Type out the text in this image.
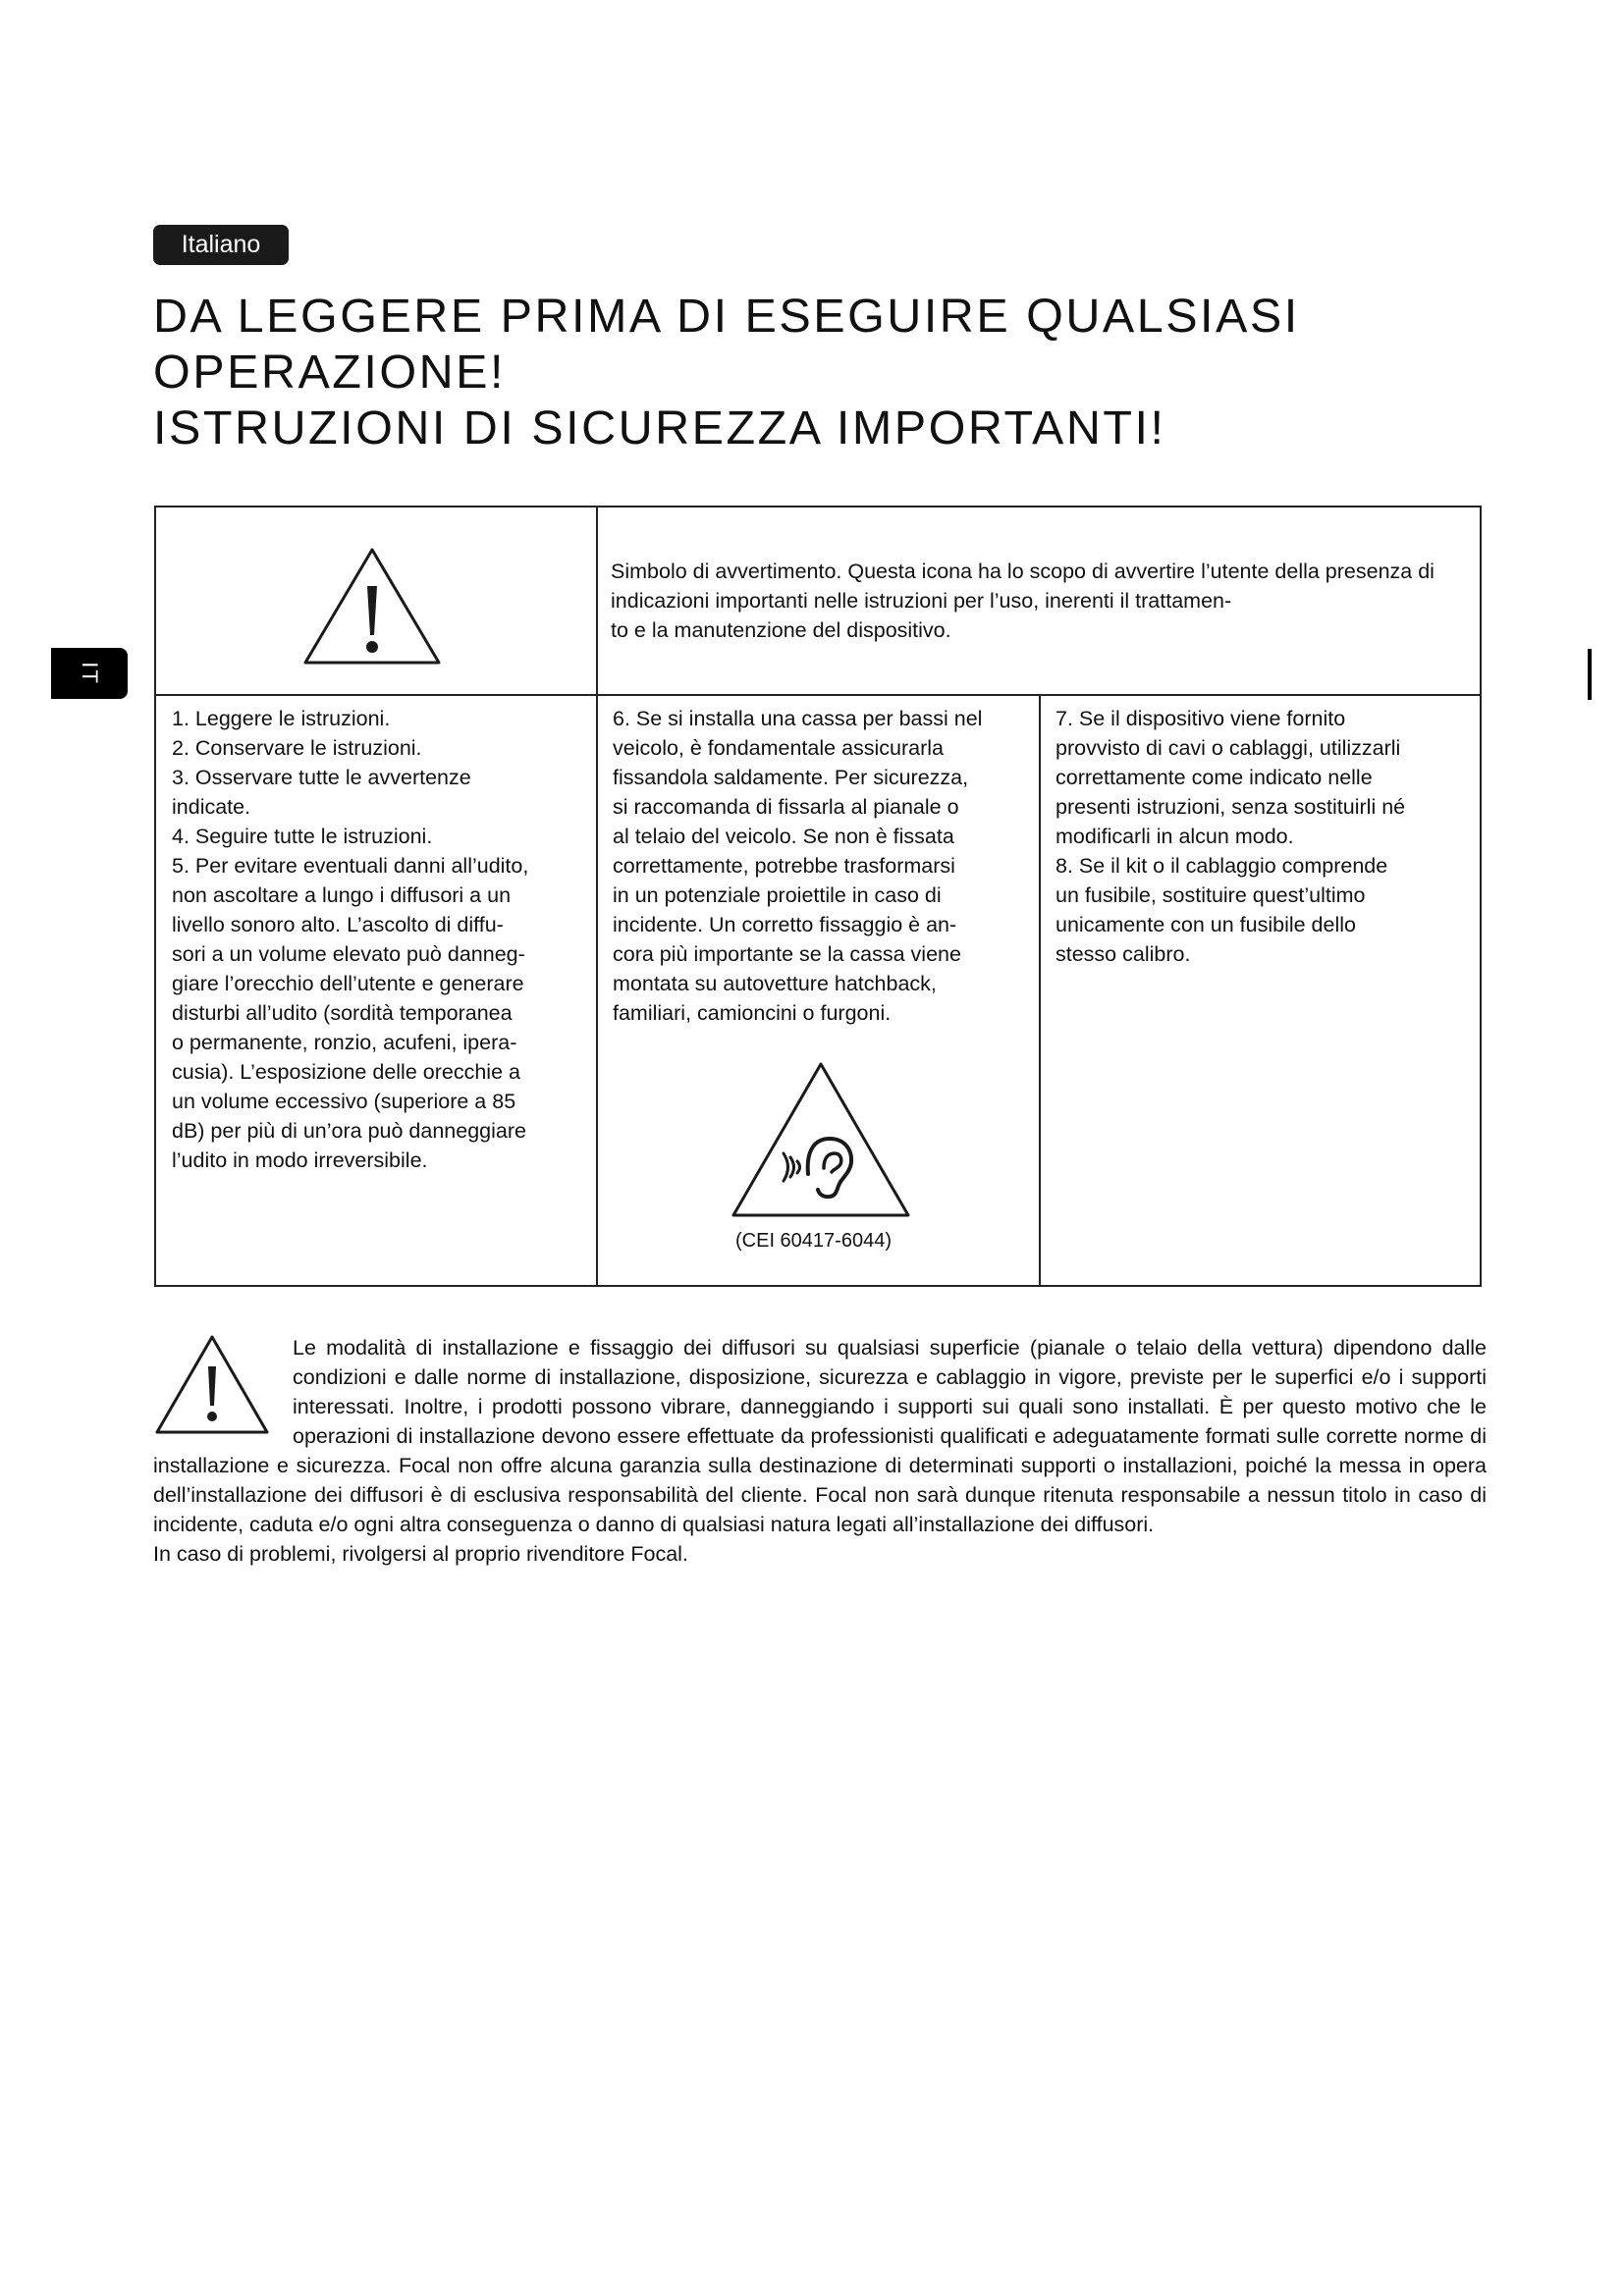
Italiano
IT
DA LEGGERE PRIMA DI ESEGUIRE QUALSIASI
OPERAZIONE!
ISTRUZIONI DI SICUREZZA IMPORTANTI!
Simbolo di avvertimento. Questa icona ha lo scopo di avvertire l’utente della presenza di indicazioni importanti nelle istruzioni per l’uso, inerenti il trattamen-
to e la manutenzione del dispositivo.
1. Leggere le istruzioni.
2. Conservare le istruzioni.
3. Osservare tutte le avvertenze
indicate.
4. Seguire tutte le istruzioni.
5. Per evitare eventuali danni all’udito,
non ascoltare a lungo i diffusori a un
livello sonoro alto. L’ascolto di diffu-
sori a un volume elevato può danneg-
giare l’orecchio dell’utente e generare
disturbi all’udito (sordità temporanea
o permanente, ronzio, acufeni, ipera-
cusia). L’esposizione delle orecchie a
un volume eccessivo (superiore a 85
dB) per più di un’ora può danneggiare
l’udito in modo irreversibile.
6. Se si installa una cassa per bassi nel
veicolo, è fondamentale assicurarla
fissandola saldamente. Per sicurezza,
si raccomanda di fissarla al pianale o
al telaio del veicolo. Se non è fissata
correttamente, potrebbe trasformarsi
in un potenziale proiettile in caso di
incidente. Un corretto fissaggio è an-
cora più importante se la cassa viene
montata su autovetture hatchback,
familiari, camioncini o furgoni.
7. Se il dispositivo viene fornito
provvisto di cavi o cablaggi, utilizzarli
correttamente come indicato nelle
presenti istruzioni, senza sostituirli né
modificarli in alcun modo.
8. Se il kit o il cablaggio comprende
un fusibile, sostituire quest’ultimo
unicamente con un fusibile dello
stesso calibro.
(CEI 60417-6044)
Le modalità di installazione e fissaggio dei diffusori su qualsiasi superficie (pianale o telaio della vettura) dipendono dalle condizioni e dalle norme di installazione, disposizione, sicurezza e cablaggio in vigore, previste per le superfici e/o i supporti interessati. Inoltre, i prodotti possono vibrare, danneggiando i supporti sui quali sono installati. È per questo motivo che le operazioni di installazione devono essere effettuate da professionisti qualificati e adeguatamente formati sulle corrette norme di installazione e sicurezza. Focal non offre alcuna garanzia sulla destinazione di determinati supporti o installazioni, poiché la messa in opera dell’installazione dei diffusori è di esclusiva responsabilità del cliente. Focal non sarà dunque ritenuta responsabile a nessun titolo in caso di incidente, caduta e/o ogni altra conseguenza o danno di qualsiasi natura legati all’installazione dei diffusori.
In caso di problemi, rivolgersi al proprio rivenditore Focal.
